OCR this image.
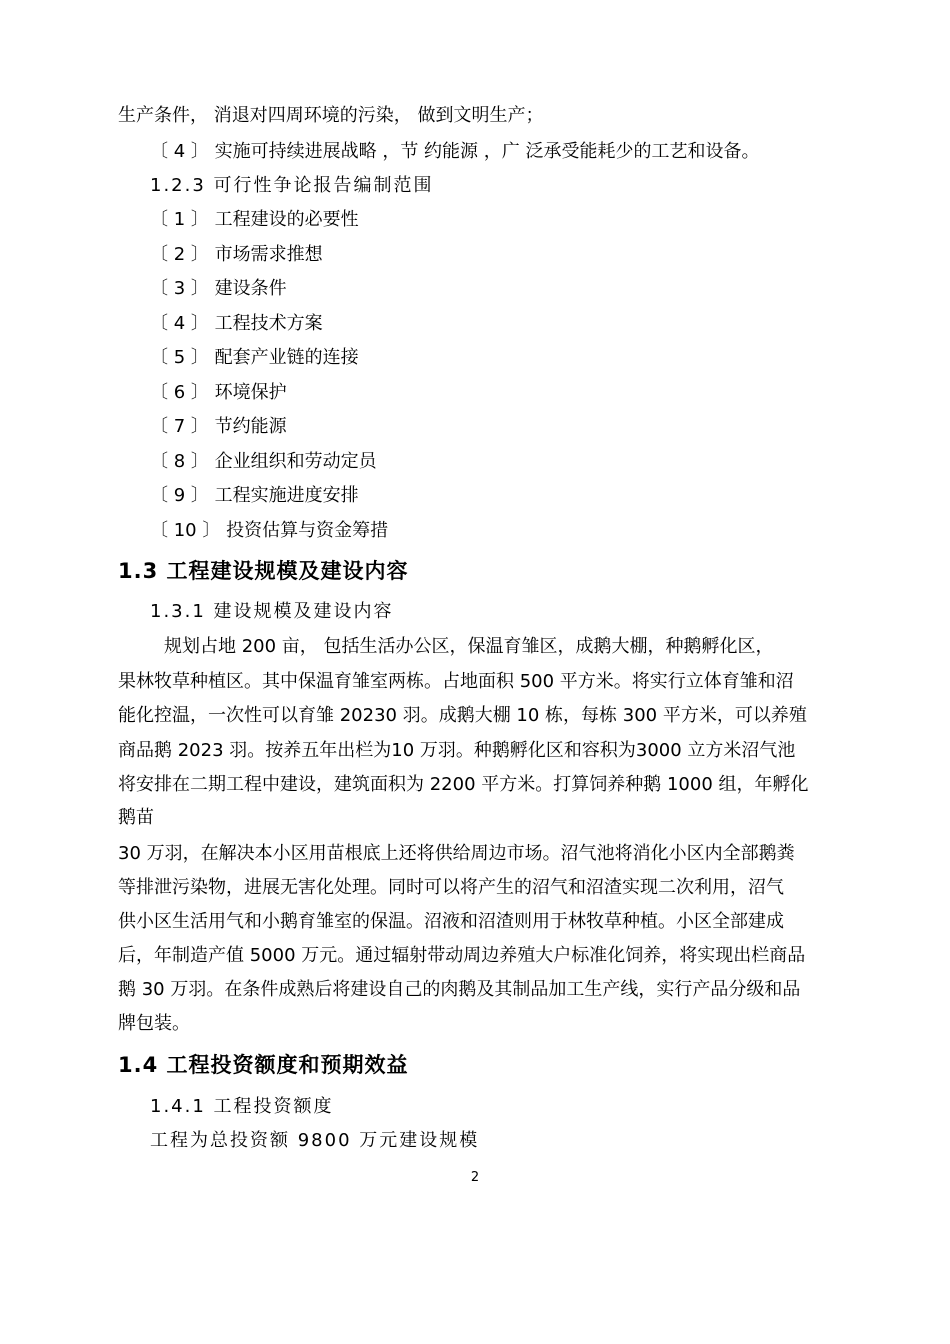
生产条件， 消退对四周环境的污染， 做到文明生产；
〔 4 〕 实施可持续进展战略 ，节 约能源 ，广 泛承受能耗少的工艺和设备。
1.2.3 可行性争论报告编制范围
〔 1 〕 工程建设的必要性
〔 2 〕 市场需求推想
〔 3 〕 建设条件
〔 4 〕 工程技术方案
〔 5 〕 配套产业链的连接
〔 6 〕 环境保护
〔 7 〕 节约能源
〔 8 〕 企业组织和劳动定员
〔 9 〕 工程实施进度安排
〔 10 〕 投资估算与资金筹措
1.3 工程建设规模及建设内容
1.3.1 建设规模及建设内容
规划占地 200 亩， 包括生活办公区，保温育雏区，成鹅大棚，种鹅孵化区，
果林牧草种植区。其中保温育雏室两栋。占地面积 500 平方米。将实行立体育雏和沼
能化控温，一次性可以育雏 20230 羽。成鹅大棚 10 栋，每栋 300 平方米，可以养殖
商品鹅 2023 羽。按养五年出栏为10 万羽。种鹅孵化区和容积为3000 立方米沼气池
将安排在二期工程中建设，建筑面积为 2200 平方米。打算饲养种鹅 1000 组，年孵化
鹅苗
30 万羽，在解决本小区用苗根底上还将供给周边市场。沼气池将消化小区内全部鹅粪
等排泄污染物，进展无害化处理。同时可以将产生的沼气和沼渣实现二次利用，沼气
供小区生活用气和小鹅育雏室的保温。沼液和沼渣则用于林牧草种植。小区全部建成
后，年制造产值 5000 万元。通过辐射带动周边养殖大户标准化饲养，将实现出栏商品
鹅 30 万羽。在条件成熟后将建设自己的肉鹅及其制品加工生产线，实行产品分级和品
牌包装。
1.4 工程投资额度和预期效益
1.4.1 工程投资额度
工程为总投资额 9800 万元建设规模
2
